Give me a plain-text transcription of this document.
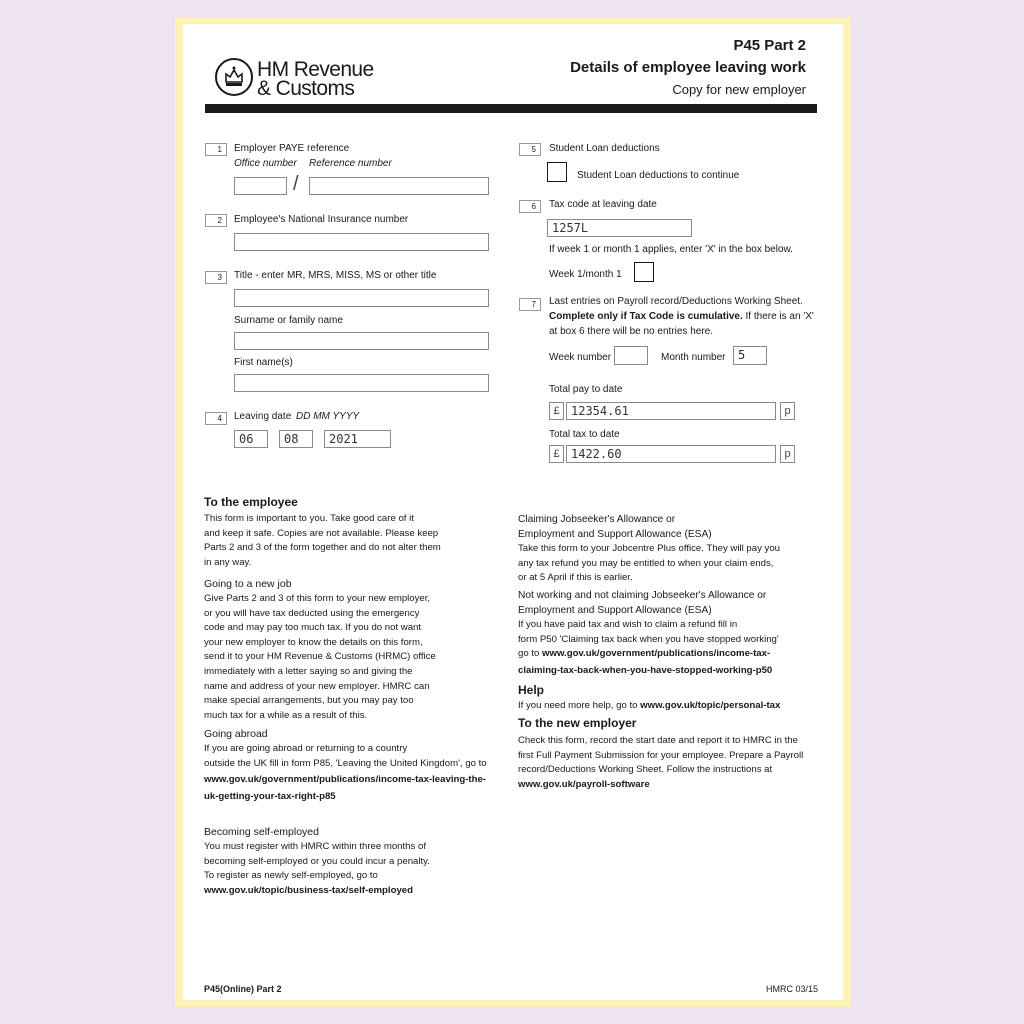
HM Revenue
& Customs
P45 Part 2
Details of employee leaving work
Copy for new employer
1	Employer PAYE reference
Office number Reference number
/
2	Employee's National Insurance number
3	Title - enter MR, MRS, MISS, MS or other title
Surname or family name
First name(s)
4	Leaving date DD MM YYYY
06	08	2021
5	Student Loan deductions
Student Loan deductions to continue
6	Tax code at leaving date
1257L
If week 1 or month 1 applies, enter 'X' in the box below.
Week 1/month 1
7	Last entries on Payroll record/Deductions Working Sheet.
Complete only if Tax Code is cumulative. If there is an 'X'
at box 6 there will be no entries here.
Week number	Month number	5
Total pay to date
£ 12354.61	p
Total tax to date
£ 1422.60	p
To the employee
This form is important to you. Take good care of it
and keep it safe. Copies are not available. Please keep
Parts 2 and 3 of the form together and do not alter them
in any way.
Going to a new job
Give Parts 2 and 3 of this form to your new employer,
or you will have tax deducted using the emergency
code and may pay too much tax. If you do not want
your new employer to know the details on this form,
send it to your HM Revenue & Customs (HRMC) office
immediately with a letter saying so and giving the
name and address of your new employer. HMRC can
make special arrangements, but you may pay too
much tax for a while as a result of this.
Going abroad
If you are going abroad or returning to a country
outside the UK fill in form P85, 'Leaving the United Kingdom', go to
www.gov.uk/government/publications/income-tax-leaving-the-
uk-getting-your-tax-right-p85
Becoming self-employed
You must register with HMRC within three months of
becoming self-employed or you could incur a penalty.
To register as newly self-employed, go to
www.gov.uk/topic/business-tax/self-employed
Claiming Jobseeker's Allowance or
Employment and Support Allowance (ESA)
Take this form to your Jobcentre Plus office. They will pay you
any tax refund you may be entitled to when your claim ends,
or at 5 April if this is earlier.
Not working and not claiming Jobseeker's Allowance or
Employment and Support Allowance (ESA)
If you have paid tax and wish to claim a refund fill in
form P50 'Claiming tax back when you have stopped working'
go to www.gov.uk/government/publications/income-tax-
claiming-tax-back-when-you-have-stopped-working-p50
Help
If you need more help, go to www.gov.uk/topic/personal-tax
To the new employer
Check this form, record the start date and report it to HMRC in the
first Full Payment Submission for your employee. Prepare a Payroll
record/Deductions Working Sheet. Follow the instructions at
www.gov.uk/payroll-software
P45(Online) Part 2	HMRC 03/15
